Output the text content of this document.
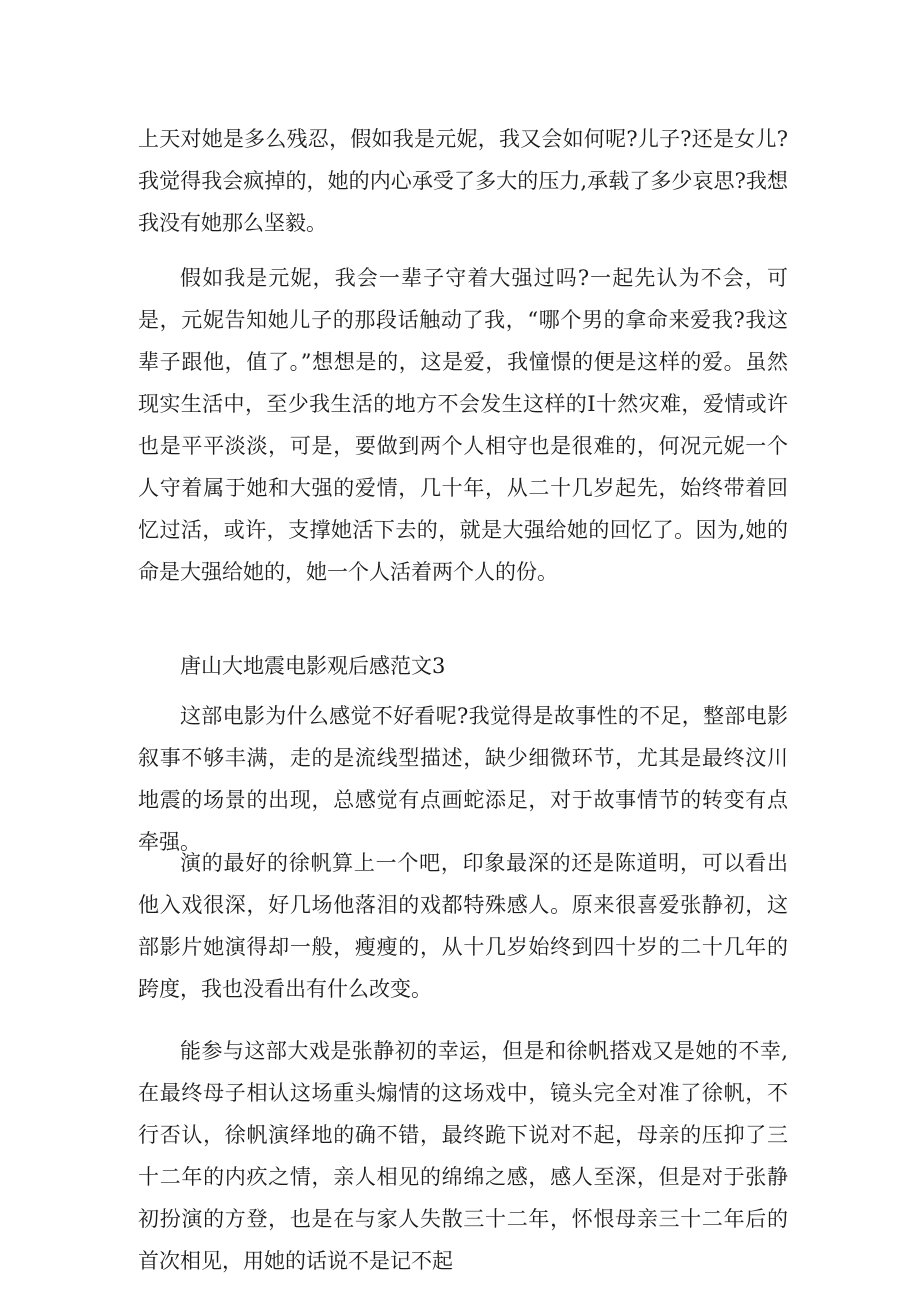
上天对她是多么残忍，假如我是元妮，我又会如何呢?儿子?还是女儿?我觉得我会疯掉的，她的内心承受了多大的压力,承载了多少哀思?我想我没有她那么坚毅。

假如我是元妮，我会一辈子守着大强过吗?一起先认为不会，可是，元妮告知她儿子的那段话触动了我，“哪个男的拿命来爱我?我这辈子跟他，值了。”想想是的，这是爱，我憧憬的便是这样的爱。虽然现实生活中，至少我生活的地方不会发生这样的I十然灾难，爱情或许也是平平淡淡，可是，要做到两个人相守也是很难的，何况元妮一个人守着属于她和大强的爱情，几十年，从二十几岁起先，始终带着回忆过活，或许，支撑她活下去的，就是大强给她的回忆了。因为,她的命是大强给她的，她一个人活着两个人的份。

唐山大地震电影观后感范文3

这部电影为什么感觉不好看呢?我觉得是故事性的不足，整部电影叙事不够丰满，走的是流线型描述，缺少细微环节，尤其是最终汶川地震的场景的出现，总感觉有点画蛇添足，对于故事情节的转变有点牵强。

演的最好的徐帆算上一个吧，印象最深的还是陈道明，可以看出他入戏很深，好几场他落泪的戏都特殊感人。原来很喜爱张静初，这部影片她演得却一般，瘦瘦的，从十几岁始终到四十岁的二十几年的跨度，我也没看出有什么改变。

能参与这部大戏是张静初的幸运，但是和徐帆搭戏又是她的不幸,在最终母子相认这场重头煽情的这场戏中，镜头完全对准了徐帆，不行否认，徐帆演绎地的确不错，最终跪下说对不起，母亲的压抑了三十二年的内疚之情，亲人相见的绵绵之感，感人至深，但是对于张静初扮演的方登，也是在与家人失散三十二年，怀恨母亲三十二年后的首次相见，用她的话说不是记不起
